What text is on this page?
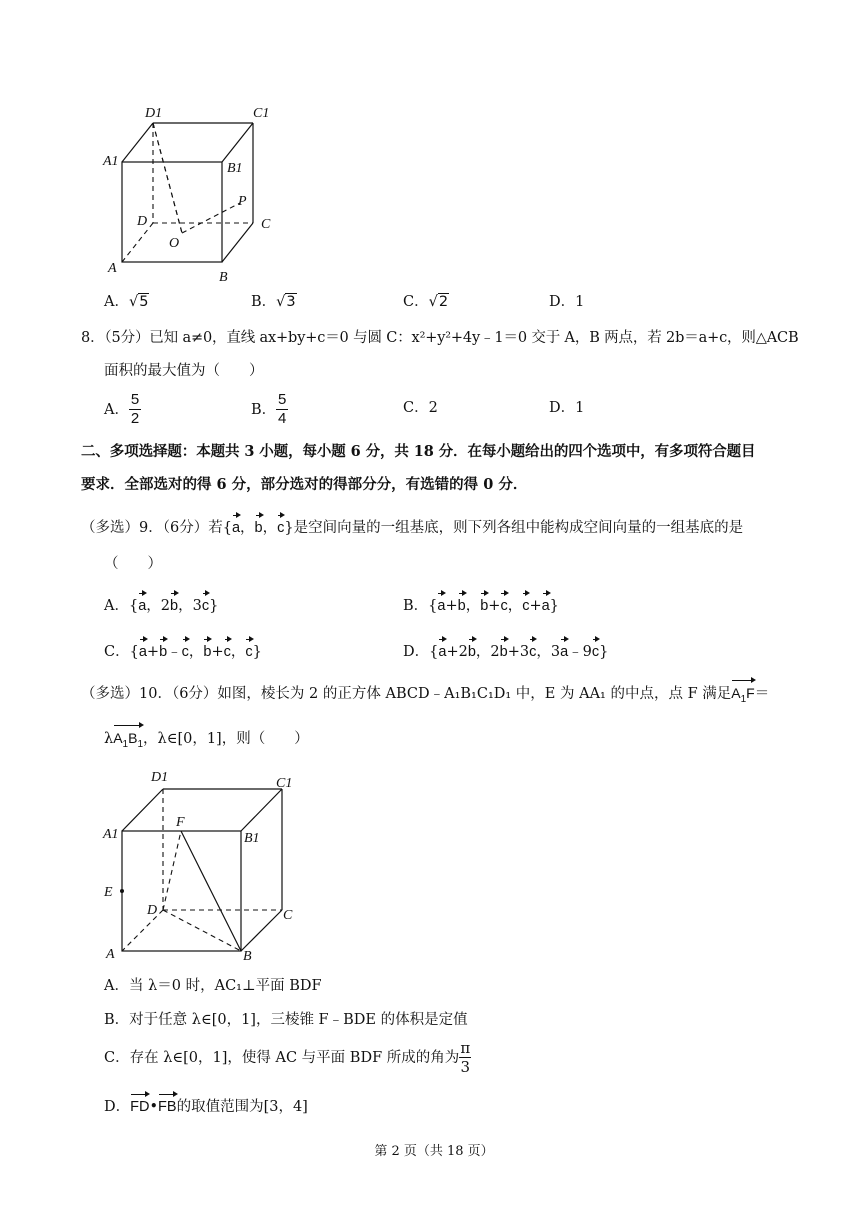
D1	C1
A1	B1
D
P
C
O
A
B
A．√5	B．√3	C．√2	D．1
8．（5分）已知 a≠0，直线 ax+by+c＝0 与圆 C：x²+y²+4y﹣1＝0 交于 A，B 两点，若 2b＝a+c，则△ACB
面积的最大值为（　　）
A． $\frac{5}{2}$	B． $\frac{5}{4}$	C．2	D．1
二、多项选择题：本题共 3 小题，每小题 6 分，共 18 分．在每小题给出的四个选项中，有多项符合题目
要求．全部选对的得 6 分，部分选对的得部分分，有选错的得 0 分．
（多选）9．（6分）若{a，b，c}是空间向量的一组基底，则下列各组中能构成空间向量的一组基底的是
（　　）
A．{a，2b，3c}	B．{a+b，b+c，c+a}
C．{a+b﹣c，b+c，c}	D．{a+2b，2b+3c，3a﹣9c}
（多选）10．（6分）如图，棱长为 2 的正方体 ABCD﹣A₁B₁C₁D₁ 中，E 为 AA₁ 的中点，点 F 满足$A_1F=$
$\lambda A_1B_1$，λ∈[0，1]，则（　　）
D1	C1
A1
F
B1
E
D	C
A	B
A．当 λ＝0 时，AC₁⊥平面 BDF
B．对于任意 λ∈[0，1]，三棱锥 F﹣BDE 的体积是定值
C．存在 λ∈[0，1]，使得 AC 与平面 BDF 所成的角为 $\frac{\pi}{3}$
D．FD•FB的取值范围为[3，4]
第 2 页（共 18 页）
